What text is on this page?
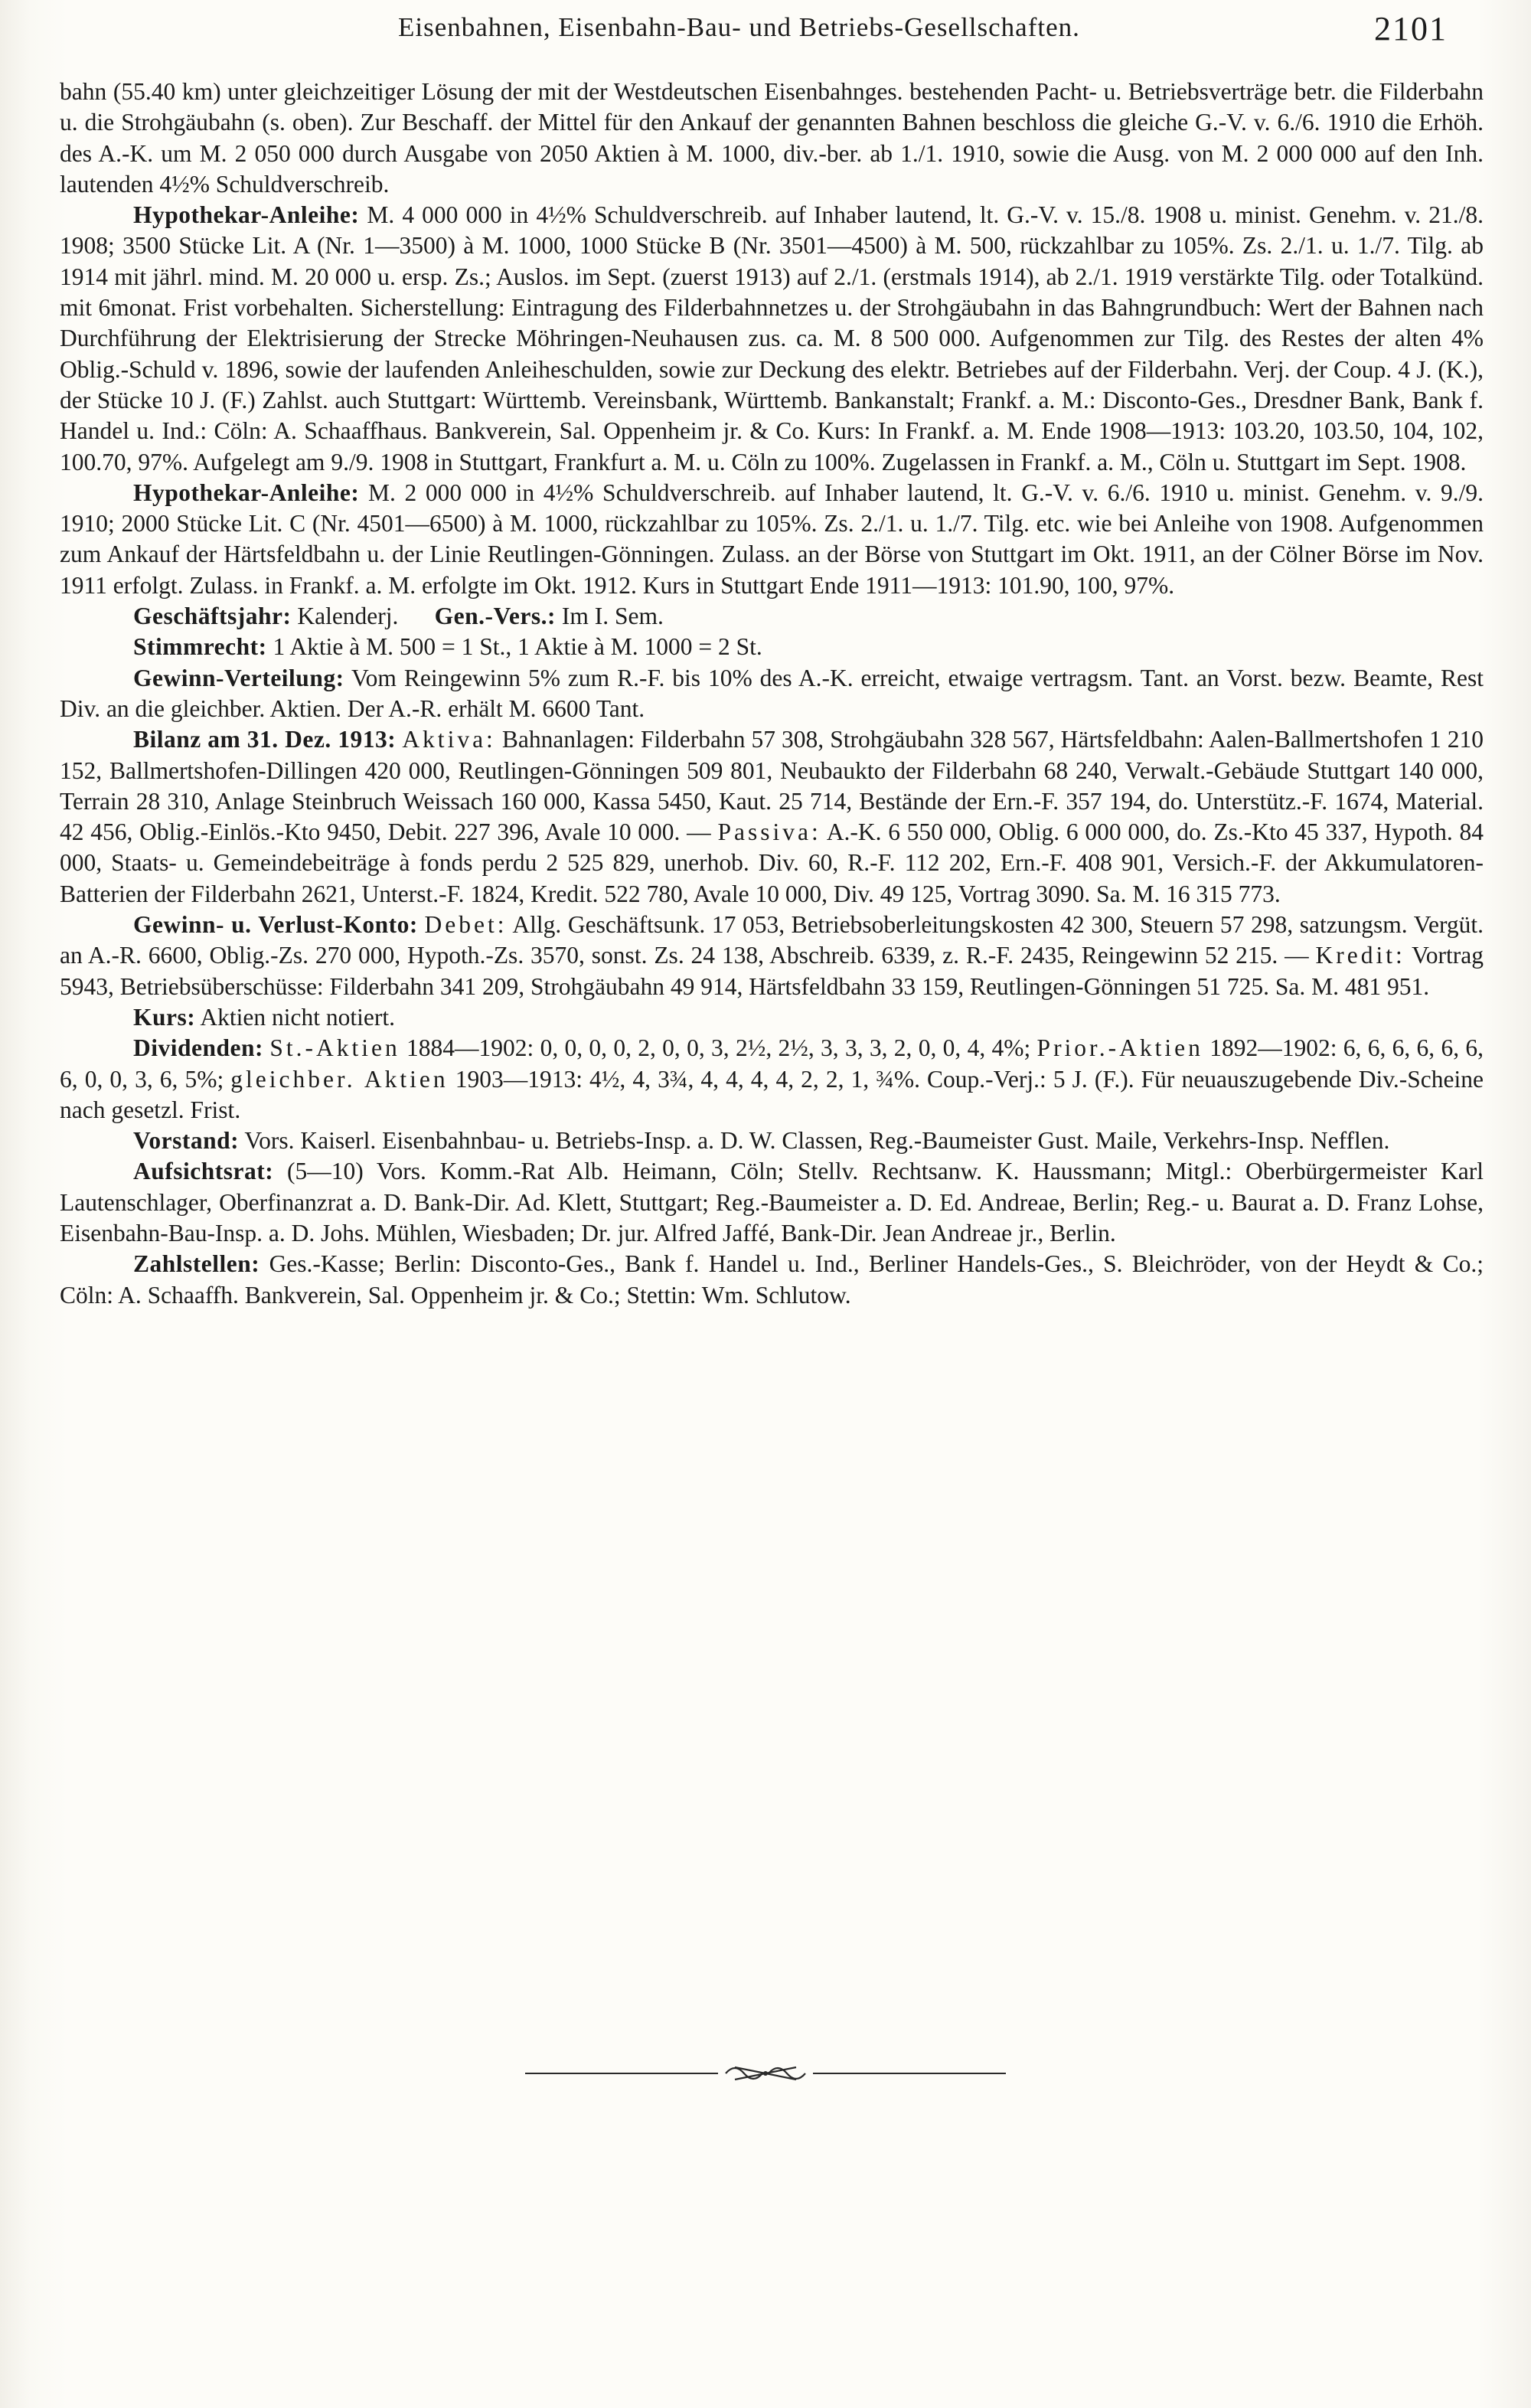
Eisenbahnen, Eisenbahn-Bau- und Betriebs-Gesellschaften.	2101

bahn (55.40 km) unter gleichzeitiger Lösung der mit der Westdeutschen Eisenbahnges. bestehenden Pacht- u. Betriebsverträge betr. die Filderbahn u. die Strohgäubahn (s. oben). Zur Beschaff. der Mittel für den Ankauf der genannten Bahnen beschloss die gleiche G.-V. v. 6./6. 1910 die Erhöh. des A.-K. um M. 2 050 000 durch Ausgabe von 2050 Aktien à M. 1000, div.-ber. ab 1./1. 1910, sowie die Ausg. von M. 2 000 000 auf den Inh. lautenden 4½% Schuldverschreib.

Hypothekar-Anleihe: M. 4 000 000 in 4½% Schuldverschreib. auf Inhaber lautend, lt. G.-V. v. 15./8. 1908 u. minist. Genehm. v. 21./8. 1908; 3500 Stücke Lit. A (Nr. 1—3500) à M. 1000, 1000 Stücke B (Nr. 3501—4500) à M. 500, rückzahlbar zu 105%. Zs. 2./1. u. 1./7. Tilg. ab 1914 mit jährl. mind. M. 20 000 u. ersp. Zs.; Auslos. im Sept. (zuerst 1913) auf 2./1. (erstmals 1914), ab 2./1. 1919 verstärkte Tilg. oder Totalkünd. mit 6monat. Frist vorbehalten. Sicherstellung: Eintragung des Filderbahnnetzes u. der Strohgäubahn in das Bahngrundbuch: Wert der Bahnen nach Durchführung der Elektrisierung der Strecke Möhringen-Neuhausen zus. ca. M. 8 500 000. Aufgenommen zur Tilg. des Restes der alten 4% Oblig.-Schuld v. 1896, sowie der laufenden Anleiheschulden, sowie zur Deckung des elektr. Betriebes auf der Filderbahn. Verj. der Coup. 4 J. (K.), der Stücke 10 J. (F.) Zahlst. auch Stuttgart: Württemb. Vereinsbank, Württemb. Bankanstalt; Frankf. a. M.: Disconto-Ges., Dresdner Bank, Bank f. Handel u. Ind.: Cöln: A. Schaaffhaus. Bankverein, Sal. Oppenheim jr. & Co. Kurs: In Frankf. a. M. Ende 1908—1913: 103.20, 103.50, 104, 102, 100.70, 97%. Aufgelegt am 9./9. 1908 in Stuttgart, Frankfurt a. M. u. Cöln zu 100%. Zugelassen in Frankf. a. M., Cöln u. Stuttgart im Sept. 1908.

Hypothekar-Anleihe: M. 2 000 000 in 4½% Schuldverschreib. auf Inhaber lautend, lt. G.-V. v. 6./6. 1910 u. minist. Genehm. v. 9./9. 1910; 2000 Stücke Lit. C (Nr. 4501—6500) à M. 1000, rückzahlbar zu 105%. Zs. 2./1. u. 1./7. Tilg. etc. wie bei Anleihe von 1908. Aufgenommen zum Ankauf der Härtsfeldbahn u. der Linie Reutlingen-Gönningen. Zulass. an der Börse von Stuttgart im Okt. 1911, an der Cölner Börse im Nov. 1911 erfolgt. Zulass. in Frankf. a. M. erfolgte im Okt. 1912. Kurs in Stuttgart Ende 1911—1913: 101.90, 100, 97%.

Geschäftsjahr: Kalenderj. Gen.-Vers.: Im I. Sem.

Stimmrecht: 1 Aktie à M. 500 = 1 St., 1 Aktie à M. 1000 = 2 St.

Gewinn-Verteilung: Vom Reingewinn 5% zum R.-F. bis 10% des A.-K. erreicht, etwaige vertragsm. Tant. an Vorst. bezw. Beamte, Rest Div. an die gleichber. Aktien. Der A.-R. erhält M. 6600 Tant.

Bilanz am 31. Dez. 1913: Aktiva: Bahnanlagen: Filderbahn 57 308, Strohgäubahn 328 567, Härtsfeldbahn: Aalen-Ballmertshofen 1 210 152, Ballmertshofen-Dillingen 420 000, Reutlingen-Gönningen 509 801, Neubaukto der Filderbahn 68 240, Verwalt.-Gebäude Stuttgart 140 000, Terrain 28 310, Anlage Steinbruch Weissach 160 000, Kassa 5450, Kaut. 25 714, Bestände der Ern.-F. 357 194, do. Unterstütz.-F. 1674, Material. 42 456, Oblig.-Einlös.-Kto 9450, Debit. 227 396, Avale 10 000. — Passiva: A.-K. 6 550 000, Oblig. 6 000 000, do. Zs.-Kto 45 337, Hypoth. 84 000, Staats- u. Gemeindebeiträge à fonds perdu 2 525 829, unerhob. Div. 60, R.-F. 112 202, Ern.-F. 408 901, Versich.-F. der Akkumulatoren-Batterien der Filderbahn 2621, Unterst.-F. 1824, Kredit. 522 780, Avale 10 000, Div. 49 125, Vortrag 3090. Sa. M. 16 315 773.

Gewinn- u. Verlust-Konto: Debet: Allg. Geschäftsunk. 17 053, Betriebsoberleitungskosten 42 300, Steuern 57 298, satzungsm. Vergüt. an A.-R. 6600, Oblig.-Zs. 270 000, Hypoth.-Zs. 3570, sonst. Zs. 24 138, Abschreib. 6339, z. R.-F. 2435, Reingewinn 52 215. — Kredit: Vortrag 5943, Betriebsüberschüsse: Filderbahn 341 209, Strohgäubahn 49 914, Härtsfeldbahn 33 159, Reutlingen-Gönningen 51 725. Sa. M. 481 951.

Kurs: Aktien nicht notiert.

Dividenden: St.-Aktien 1884—1902: 0, 0, 0, 0, 2, 0, 0, 3, 2½, 2½, 3, 3, 3, 2, 0, 0, 4, 4%; Prior.-Aktien 1892—1902: 6, 6, 6, 6, 6, 6, 6, 0, 0, 3, 6, 5%; gleichber. Aktien 1903—1913: 4½, 4, 3¾, 4, 4, 4, 4, 2, 2, 1, ¾%. Coup.-Verj.: 5 J. (F.). Für neuauszugebende Div.-Scheine nach gesetzl. Frist.

Vorstand: Vors. Kaiserl. Eisenbahnbau- u. Betriebs-Insp. a. D. W. Classen, Reg.-Baumeister Gust. Maile, Verkehrs-Insp. Nefflen.

Aufsichtsrat: (5—10) Vors. Komm.-Rat Alb. Heimann, Cöln; Stellv. Rechtsanw. K. Haussmann; Mitgl.: Oberbürgermeister Karl Lautenschlager, Oberfinanzrat a. D. Bank-Dir. Ad. Klett, Stuttgart; Reg.-Baumeister a. D. Ed. Andreae, Berlin; Reg.- u. Baurat a. D. Franz Lohse, Eisenbahn-Bau-Insp. a. D. Johs. Mühlen, Wiesbaden; Dr. jur. Alfred Jaffé, Bank-Dir. Jean Andreae jr., Berlin.

Zahlstellen: Ges.-Kasse; Berlin: Disconto-Ges., Bank f. Handel u. Ind., Berliner Handels-Ges., S. Bleichröder, von der Heydt & Co.; Cöln: A. Schaaffh. Bankverein, Sal. Oppenheim jr. & Co.; Stettin: Wm. Schlutow.
